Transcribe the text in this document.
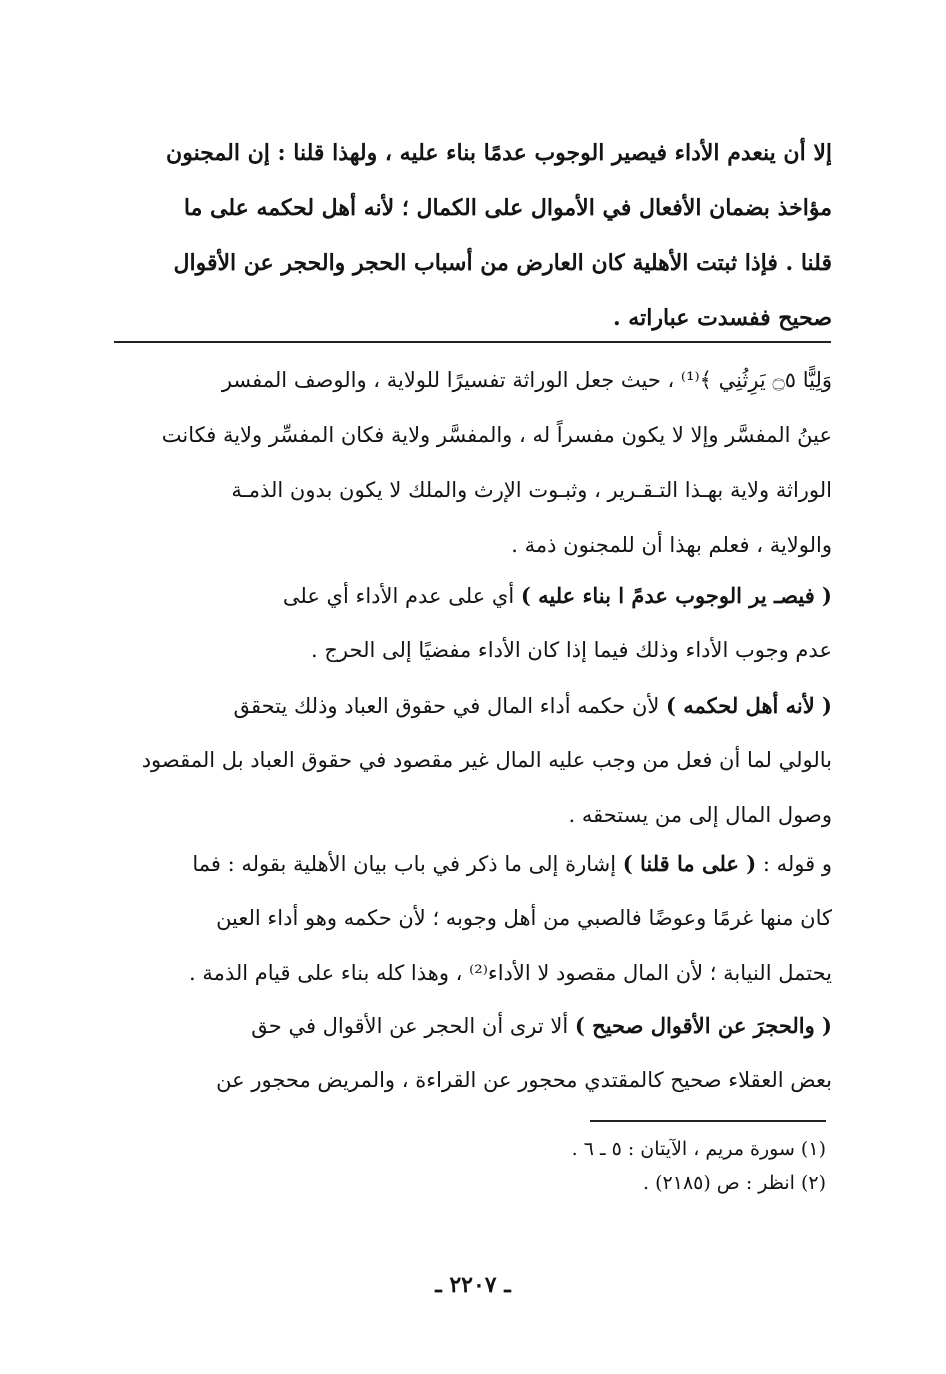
إلا أن ينعدم الأداء فيصير الوجوب عدمًا بناء عليه ، ولهذا قلنا : إن المجنون
مؤاخذ بضمان الأفعال في الأموال على الكمال ؛ لأنه أهل لحكمه على ما
قلنا . فإذا ثبتت الأهلية كان العارض من أسباب الحجر والحجر عن الأقوال
صحيح ففسدت عباراته .
وَلِيًّا ۝٥ يَرِثُنِي ﴾⁽¹⁾ ، حيث جعل الوراثة تفسيرًا للولاية ، والوصف المفسر
عينُ المفسَّر وإلا لا يكون مفسراً له ، والمفسَّر ولاية فكان المفسِّر ولاية فكانت
الوراثة ولاية بهـذا التـقـرير ، وثبـوت الإرث والملك لا يكون بدون الذمـة
والولاية ، فعلم بهذا أن للمجنون ذمة .
( فيصـ ير الوجوب عدمً ا بناء عليه ) أي على عدم الأداء أي على
عدم وجوب الأداء وذلك فيما إذا كان الأداء مفضيًا إلى الحرج .
( لأنه أهل لحكمه ) لأن حكمه أداء المال في حقوق العباد وذلك يتحقق
بالولي لما أن فعل من وجب عليه المال غير مقصود في حقوق العباد بل المقصود
وصول المال إلى من يستحقه .
و قوله : ( على ما قلنا ) إشارة إلى ما ذكر في باب بيان الأهلية بقوله : فما
كان منها غرمًا وعوضًا فالصبي من أهل وجوبه ؛ لأن حكمه وهو أداء العين
يحتمل النيابة ؛ لأن المال مقصود لا الأداء⁽²⁾ ، وهذا كله بناء على قيام الذمة .
( والحجرَ عن الأقوال صحيح ) ألا ترى أن الحجر عن الأقوال في حق
بعض العقلاء صحيح كالمقتدي محجور عن القراءة ، والمريض محجور عن
(١) سورة مريم ، الآيتان : ٥ ـ ٦ .
(٢) انظر : ص (٢١٨٥) .
ـ ٢٢٠٧ ـ
